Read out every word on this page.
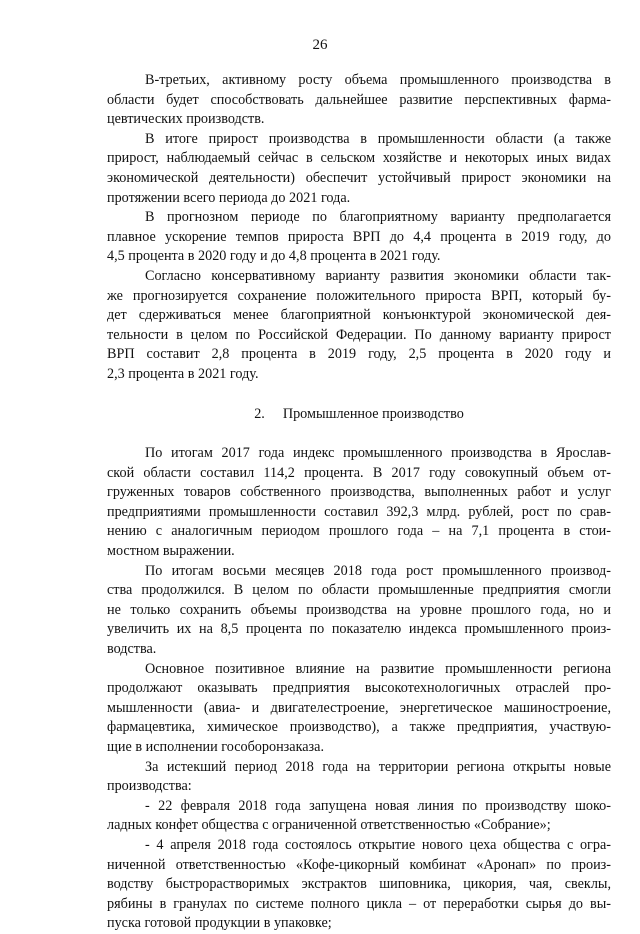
26
В-третьих, активному росту объема промышленного производства в
области будет способствовать дальнейшее развитие перспективных фарма-
цевтических производств.
В итоге прирост производства в промышленности области (а также
прирост, наблюдаемый сейчас в сельском хозяйстве и некоторых иных видах
экономической деятельности) обеспечит устойчивый прирост экономики на
протяжении всего периода до 2021 года.
В прогнозном периоде по благоприятному варианту предполагается
плавное ускорение темпов прироста ВРП до 4,4 процента в 2019 году, до
4,5 процента в 2020 году и до 4,8 процента в 2021 году.
Согласно консервативному варианту развития экономики области так-
же прогнозируется сохранение положительного прироста ВРП, который бу-
дет сдерживаться менее благоприятной конъюнктурой экономической дея-
тельности в целом по Российской Федерации. По данному варианту прирост
ВРП составит 2,8 процента в 2019 году, 2,5 процента в 2020 году и
2,3 процента в 2021 году.
2. Промышленное производство
По итогам 2017 года индекс промышленного производства в Ярослав-
ской области составил 114,2 процента. В 2017 году совокупный объем от-
груженных товаров собственного производства, выполненных работ и услуг
предприятиями промышленности составил 392,3 млрд. рублей, рост по срав-
нению с аналогичным периодом прошлого года – на 7,1 процента в стои-
мостном выражении.
По итогам восьми месяцев 2018 года рост промышленного производ-
ства продолжился. В целом по области промышленные предприятия смогли
не только сохранить объемы производства на уровне прошлого года, но и
увеличить их на 8,5 процента по показателю индекса промышленного произ-
водства.
Основное позитивное влияние на развитие промышленности региона
продолжают оказывать предприятия высокотехнологичных отраслей про-
мышленности (авиа- и двигателестроение, энергетическое машиностроение,
фармацевтика, химическое производство), а также предприятия, участвую-
щие в исполнении гособоронзаказа.
За истекший период 2018 года на территории региона открыты новые
производства:
- 22 февраля 2018 года запущена новая линия по производству шоко-
ладных конфет общества с ограниченной ответственностью «Собрание»;
- 4 апреля 2018 года состоялось открытие нового цеха общества с огра-
ниченной ответственностью «Кофе-цикорный комбинат «Аронап» по произ-
водству быстрорастворимых экстрактов шиповника, цикория, чая, свеклы,
рябины в гранулах по системе полного цикла – от переработки сырья до вы-
пуска готовой продукции в упаковке;
